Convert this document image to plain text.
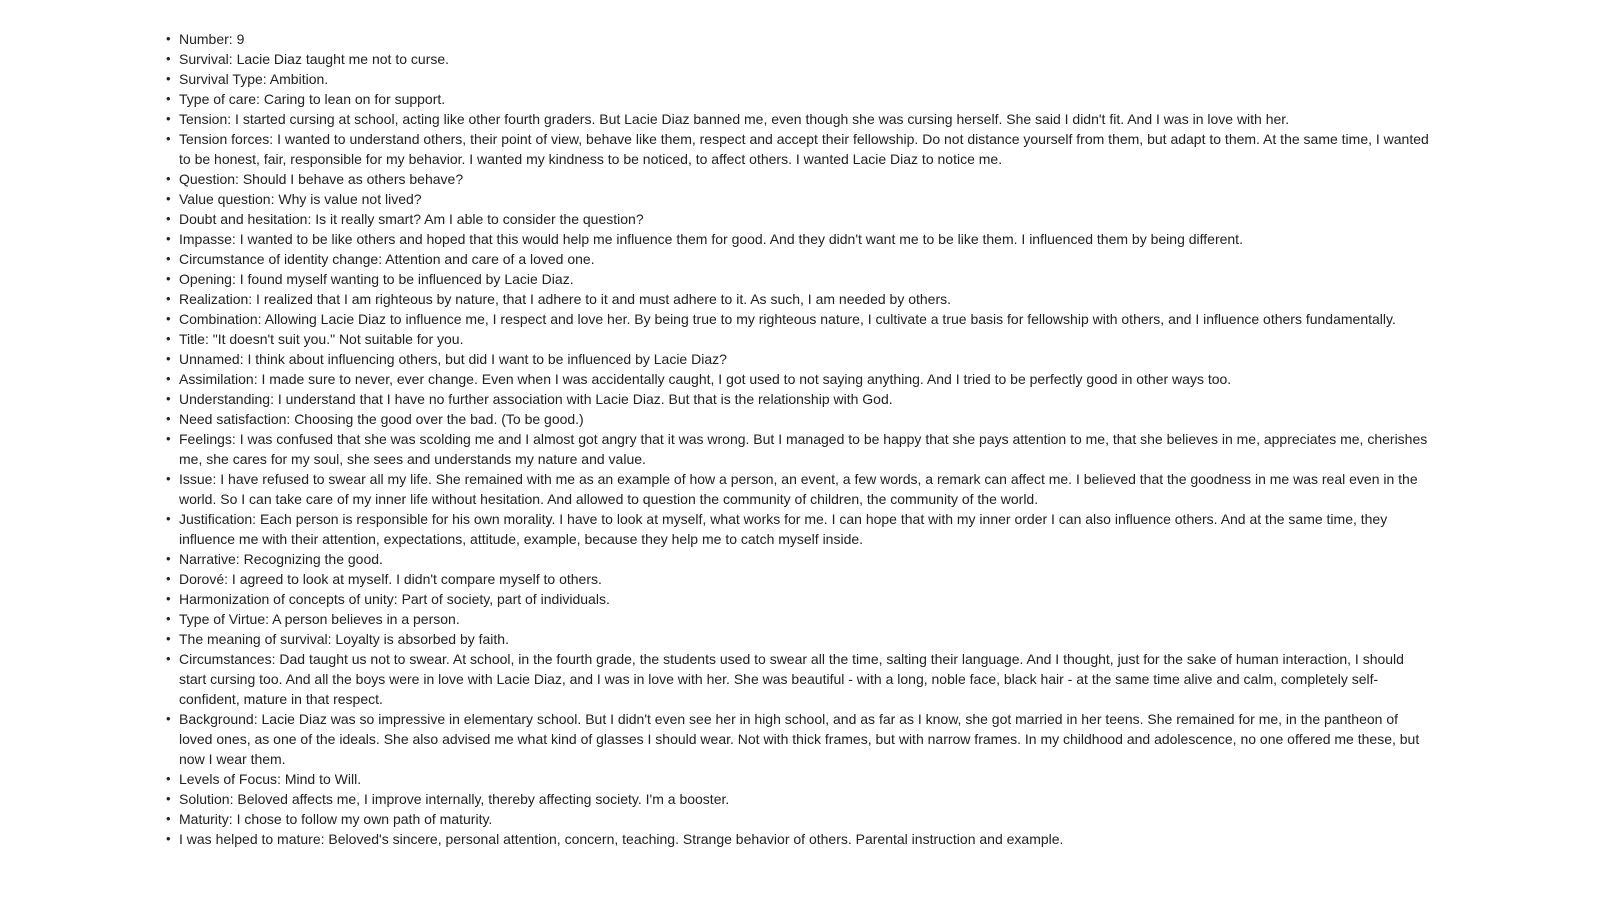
• Number: 9
• Survival: Lacie Diaz taught me not to curse.
• Survival Type: Ambition.
• Type of care: Caring to lean on for support.
• Tension: I started cursing at school, acting like other fourth graders. But Lacie Diaz banned me, even though she was cursing herself. She said I didn't fit. And I was in love with her.
• Tension forces: I wanted to understand others, their point of view, behave like them, respect and accept their fellowship. Do not distance yourself from them, but adapt to them. At the same time, I wanted to be honest, fair, responsible for my behavior. I wanted my kindness to be noticed, to affect others. I wanted Lacie Diaz to notice me.
• Question: Should I behave as others behave?
• Value question: Why is value not lived?
• Doubt and hesitation: Is it really smart? Am I able to consider the question?
• Impasse: I wanted to be like others and hoped that this would help me influence them for good. And they didn't want me to be like them. I influenced them by being different.
• Circumstance of identity change: Attention and care of a loved one.
• Opening: I found myself wanting to be influenced by Lacie Diaz.
• Realization: I realized that I am righteous by nature, that I adhere to it and must adhere to it. As such, I am needed by others.
• Combination: Allowing Lacie Diaz to influence me, I respect and love her. By being true to my righteous nature, I cultivate a true basis for fellowship with others, and I influence others fundamentally.
• Title: "It doesn't suit you." Not suitable for you.
• Unnamed: I think about influencing others, but did I want to be influenced by Lacie Diaz?
• Assimilation: I made sure to never, ever change. Even when I was accidentally caught, I got used to not saying anything. And I tried to be perfectly good in other ways too.
• Understanding: I understand that I have no further association with Lacie Diaz. But that is the relationship with God.
• Need satisfaction: Choosing the good over the bad. (To be good.)
• Feelings: I was confused that she was scolding me and I almost got angry that it was wrong. But I managed to be happy that she pays attention to me, that she believes in me, appreciates me, cherishes me, she cares for my soul, she sees and understands my nature and value.
• Issue: I have refused to swear all my life. She remained with me as an example of how a person, an event, a few words, a remark can affect me. I believed that the goodness in me was real even in the world. So I can take care of my inner life without hesitation. And allowed to question the community of children, the community of the world.
• Justification: Each person is responsible for his own morality. I have to look at myself, what works for me. I can hope that with my inner order I can also influence others. And at the same time, they influence me with their attention, expectations, attitude, example, because they help me to catch myself inside.
• Narrative: Recognizing the good.
• Dorové: I agreed to look at myself. I didn't compare myself to others.
• Harmonization of concepts of unity: Part of society, part of individuals.
• Type of Virtue: A person believes in a person.
• The meaning of survival: Loyalty is absorbed by faith.
• Circumstances: Dad taught us not to swear. At school, in the fourth grade, the students used to swear all the time, salting their language. And I thought, just for the sake of human interaction, I should start cursing too. And all the boys were in love with Lacie Diaz, and I was in love with her. She was beautiful - with a long, noble face, black hair - at the same time alive and calm, completely self-confident, mature in that respect.
• Background: Lacie Diaz was so impressive in elementary school. But I didn't even see her in high school, and as far as I know, she got married in her teens. She remained for me, in the pantheon of loved ones, as one of the ideals. She also advised me what kind of glasses I should wear. Not with thick frames, but with narrow frames. In my childhood and adolescence, no one offered me these, but now I wear them.
• Levels of Focus: Mind to Will.
• Solution: Beloved affects me, I improve internally, thereby affecting society. I'm a booster.
• Maturity: I chose to follow my own path of maturity.
• I was helped to mature: Beloved's sincere, personal attention, concern, teaching. Strange behavior of others. Parental instruction and example.
